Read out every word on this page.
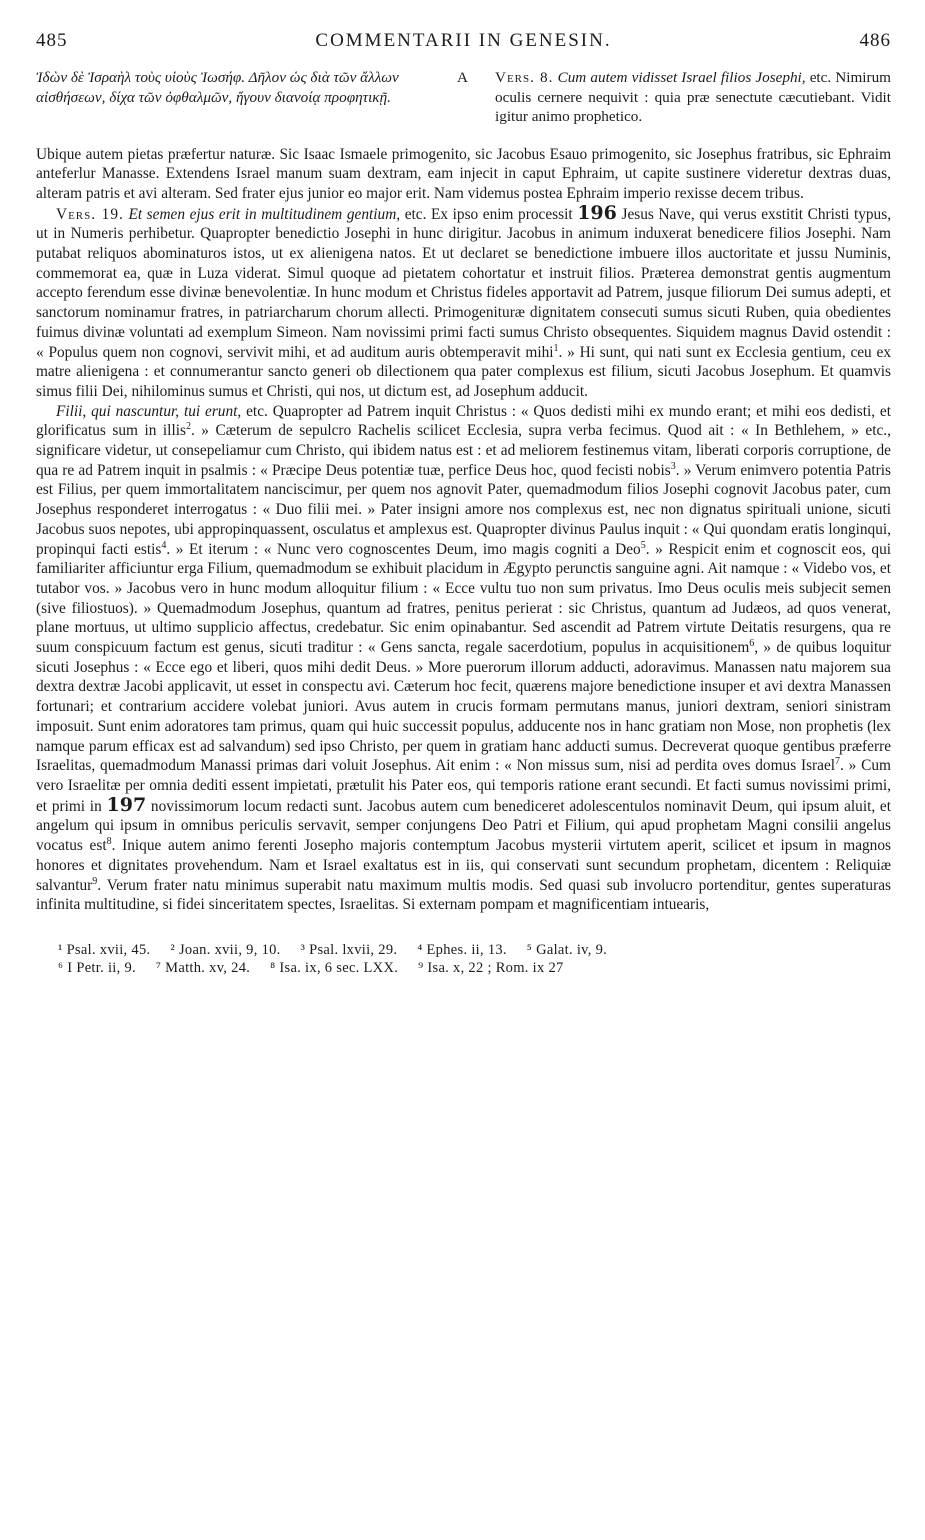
485	COMMENTARII IN GENESIN.	486
A
Ἰδὼν δὲ Ἰσραὴλ τοὺς υἱοὺς Ἰωσήφ. Δῆλον ὡς διὰ τῶν ἄλλων αἰσθήσεων, δίχα τῶν ὀφθαλμῶν, ἤγουν διανοίᾳ προφητικῇ.
Vers. 8. Cum autem vidisset Israel filios Josephi, etc. Nimirum oculis cernere nequivit : quia præ senectute cæcutiebant. Vidit igitur animo prophetico.

Ubique autem pietas præfertur naturæ. Sic Isaac Ismaele primogenito, sic Jacobus Esauo primogenito, sic Josephus fratribus, sic Ephraim anteferlur Manasse. Extendens Israel manum suam dextram, eam injecit in caput Ephraim, ut capite sustinere videretur dextras duas, alteram patris et avi alteram. Sed frater ejus junior eo major erit. Nam videmus postea Ephraim imperio rexisse decem tribus.

Vers. 19. Et semen ejus erit in multitudinem gentium, etc. Ex ipso enim processit 196 Jesus Nave, qui verus exstitit Christi typus, ut in Numeris perhibetur. Quapropter benedictio Josephi in hunc dirigitur. Jacobus in animum induxerat benedicere filios Josephi. Nam putabat reliquos abominaturos istos, ut ex alienigena natos. Et ut declaret se benedictione imbuere illos auctoritate et jussu Numinis, commemorat ea, quæ in Luza viderat. Simul quoque ad pietatem cohortatur et instruit filios. Præterea demonstrat gentis augmentum accepto ferendum esse divinæ benevolentiæ. In hunc modum et Christus fideles apportavit ad Patrem, jusque filiorum Dei sumus adepti, et sanctorum nominamur fratres, in patriarcharum chorum allecti. Primogenituræ dignitatem consecuti sumus sicuti Ruben, quia obedientes fuimus divinæ voluntati ad exemplum Simeon. Nam novissimi primi facti sumus Christo obsequentes. Siquidem magnus David ostendit : « Populus quem non cognovi, servivit mihi, et ad auditum auris obtemperavit mihi$^1$. » Hi sunt, qui nati sunt ex Ecclesia gentium, ceu ex matre alienigena : et connumerantur sancto generi ob dilectionem qua pater complexus est filium, sicuti Jacobus Josephum. Et quamvis simus filii Dei, nihilominus sumus et Christi, qui nos, ut dictum est, ad Josephum adducit.

Filii, qui nascuntur, tui erunt, etc. Quapropter ad Patrem inquit Christus : « Quos dedisti mihi ex mundo erant; et mihi eos dedisti, et glorificatus sum in illis$^2$. » Cæterum de sepulcro Rachelis scilicet Ecclesia, supra verba fecimus. Quod ait : « In Bethlehem, » etc., significare videtur, ut consepeliamur cum Christo, qui ibidem natus est : et ad meliorem festinemus vitam, liberati corporis corruptione, de qua re ad Patrem inquit in psalmis : « Præcipe Deus potentiæ tuæ, perfice Deus hoc, quod fecisti nobis$^3$. » Verum enimvero potentia Patris est Filius, per quem immortalitatem nanciscimur, per quem nos agnovit Pater, quemadmodum filios Josephi cognovit Jacobus pater, cum Josephus responderet interrogatus : « Duo filii mei. » Pater insigni amore nos complexus est, nec non dignatus spirituali unione, sicuti Jacobus suos nepotes, ubi appropinquassent, osculatus et amplexus est. Quapropter divinus Paulus inquit : « Qui quondam eratis longinqui, propinqui facti estis$^4$. » Et iterum : « Nunc vero cognoscentes Deum, imo magis cogniti a Deo$^5$. » Respicit enim et cognoscit eos, qui familiariter afficiuntur erga Filium, quemadmodum se exhibuit placidum in Ægypto perunctis sanguine agni. Ait namque : « Videbo vos, et tutabor vos. » Jacobus vero in hunc modum alloquitur filium : « Ecce vultu tuo non sum privatus. Imo Deus oculis meis subjecit semen (sive filiostuos). » Quemadmodum Josephus, quantum ad fratres, penitus perierat : sic Christus, quantum ad Judæos, ad quos venerat, plane mortuus, ut ultimo supplicio affectus, credebatur. Sic enim opinabantur. Sed ascendit ad Patrem virtute Deitatis resurgens, qua re suum conspicuum factum est genus, sicuti traditur : « Gens sancta, regale sacerdotium, populus in acquisitionem$^6$, » de quibus loquitur sicuti Josephus : « Ecce ego et liberi, quos mihi dedit Deus. » More puerorum illorum adducti, adoravimus. Manassen natu majorem sua dextra dextræ Jacobi applicavit, ut esset in conspectu avi. Cæterum hoc fecit, quærens majore benedictione insuper et avi dextra Manassen fortunari; et contrarium accidere volebat juniori. Avus autem in crucis formam permutans manus, juniori dextram, seniori sinistram imposuit. Sunt enim adoratores tam primus, quam qui huic successit populus, adducente nos in hanc gratiam non Mose, non prophetis (lex namque parum efficax est ad salvandum) sed ipso Christo, per quem in gratiam hanc adducti sumus. Decreverat quoque gentibus præferre Israelitas, quemadmodum Manassi primas dari voluit Josephus. Ait enim : « Non missus sum, nisi ad perdita oves domus Israel$^7$. » Cum vero Israelitæ per omnia dediti essent impietati, prætulit his Pater eos, qui temporis ratione erant secundi. Et facti sumus novissimi primi, et primi in 197 novissimorum locum redacti sunt. Jacobus autem cum benediceret adolescentulos nominavit Deum, qui ipsum aluit, et angelum qui ipsum in omnibus periculis servavit, semper conjungens Deo Patri et Filium, qui apud prophetam Magni consilii angelus vocatus est$^8$. Inique autem animo ferenti Josepho majoris contemptum Jacobus mysterii virtutem aperit, scilicet et ipsum in magnos honores et dignitates provehendum. Nam et Israel exaltatus est in iis, qui conservati sunt secundum prophetam, dicentem : Reliquiæ salvantur$^9$. Verum frater natu minimus superabit natu maximum multis modis. Sed quasi sub involucro portenditur, gentes superaturas infinita multitudine, si fidei sinceritatem spectes, Israelitas. Si externam pompam et magnificentiam intuearis,

¹ Psal. xvii, 45. ² Joan. xvii, 9, 10. ³ Psal. lxvii, 29. ⁴ Ephes. ii, 13. ⁵ Galat. iv, 9.
⁶ I Petr. ii, 9. ⁷ Matth. xv, 24. ⁸ Isa. ix, 6 sec. LXX. ⁹ Isa. x, 22 ; Rom. ix 27
